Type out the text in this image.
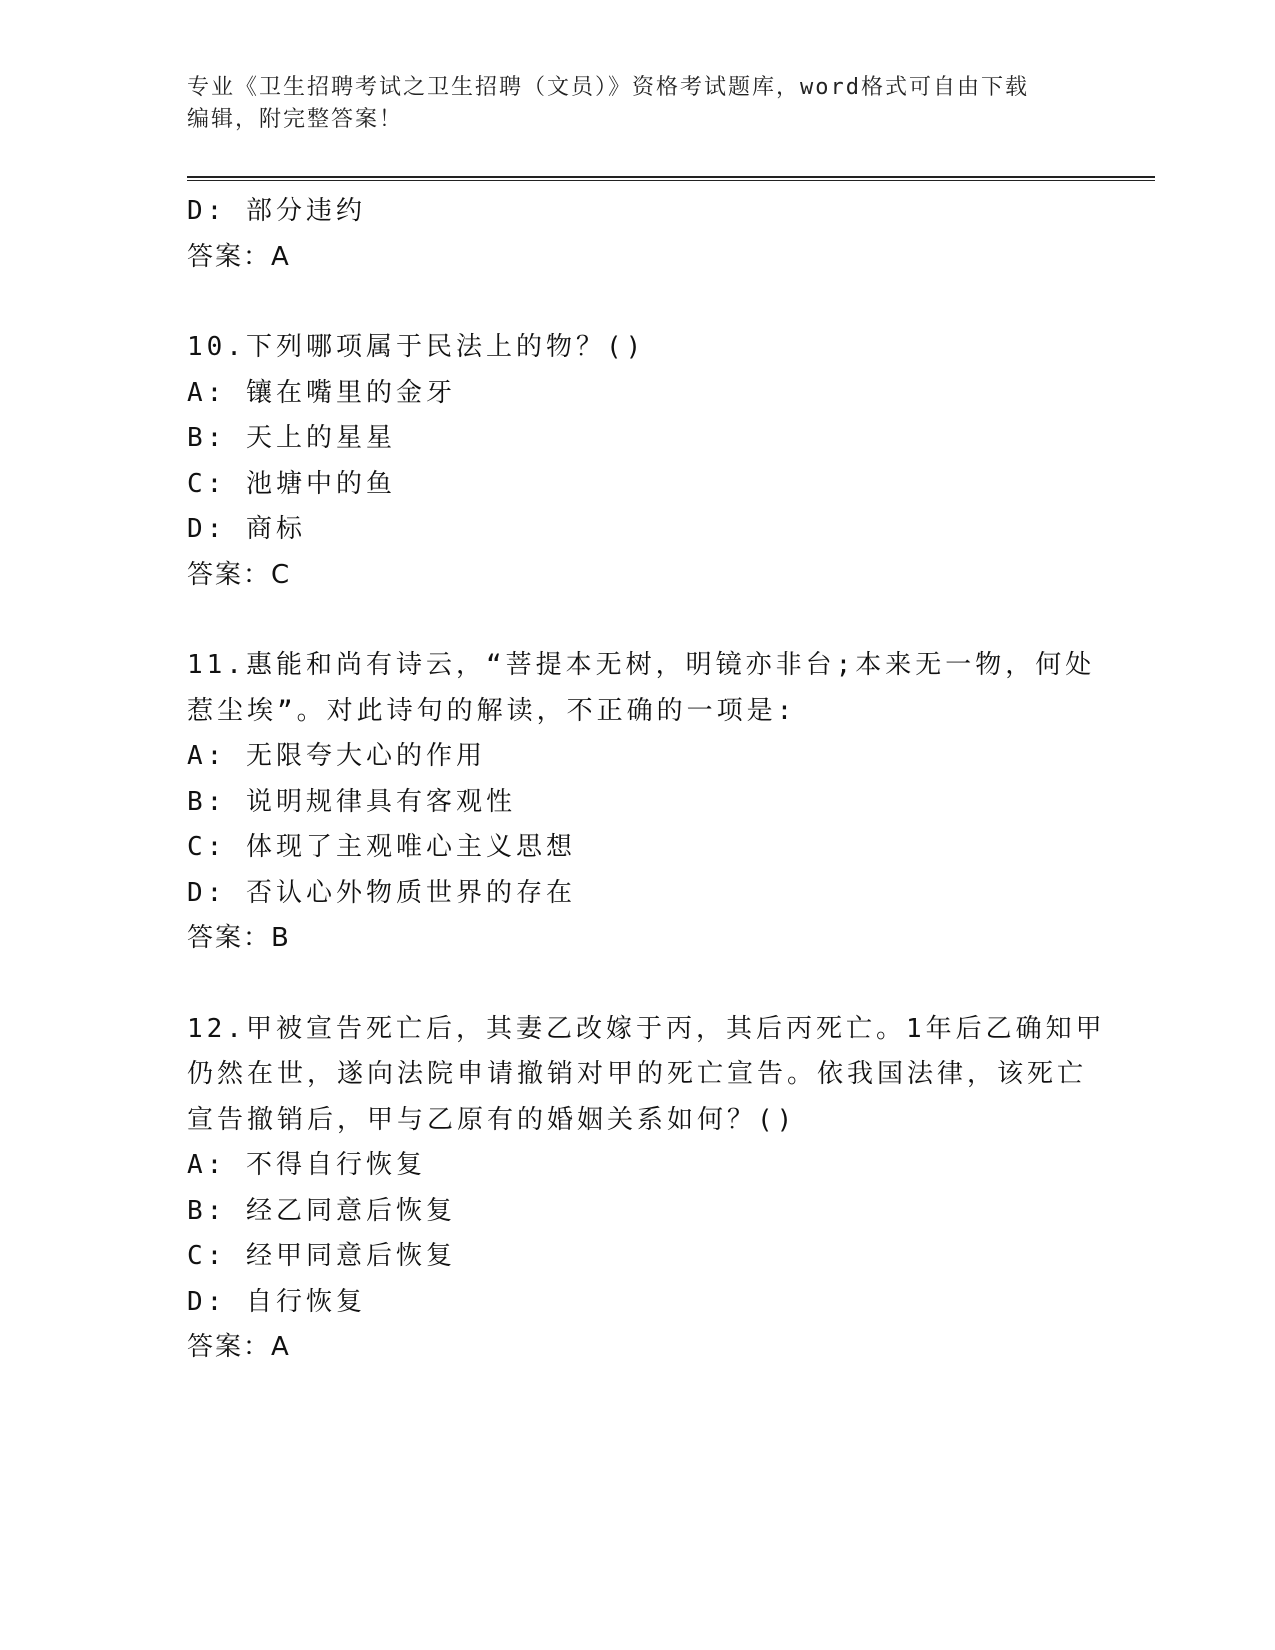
专业《卫生招聘考试之卫生招聘（文员）》资格考试题库，word格式可自由下载
编辑，附完整答案！
D: 部分违约
答案：A
10.下列哪项属于民法上的物？()
A: 镶在嘴里的金牙
B: 天上的星星
C: 池塘中的鱼
D: 商标
答案：C
11.惠能和尚有诗云，“菩提本无树，明镜亦非台;本来无一物，何处
惹尘埃”。对此诗句的解读，不正确的一项是:
A: 无限夸大心的作用
B: 说明规律具有客观性
C: 体现了主观唯心主义思想
D: 否认心外物质世界的存在
答案：B
12.甲被宣告死亡后，其妻乙改嫁于丙，其后丙死亡。1年后乙确知甲
仍然在世，遂向法院申请撤销对甲的死亡宣告。依我国法律，该死亡
宣告撤销后，甲与乙原有的婚姻关系如何？()
A: 不得自行恢复
B: 经乙同意后恢复
C: 经甲同意后恢复
D: 自行恢复
答案：A
